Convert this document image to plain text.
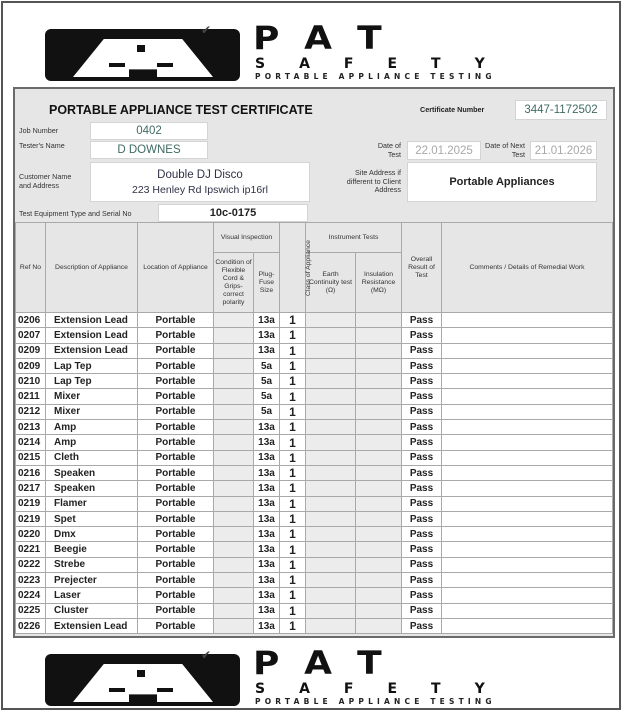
✔ PAT
SAFETY
PORTABLE APPLIANCE TESTING
PORTABLE APPLIANCE TEST CERTIFICATE	Certificate Number	3447-1172502
Job Number	0402
Tester's Name	D DOWNES
Customer Name and Address
Double DJ Disco
223 Henley Rd Ipswich ip16rl
Test Equipment Type and Serial No	10c-0175
Date of Test	22.01.2025	Date of Next Test 21.01.2026
Site Address if different to Client Address
Portable Appliances
Ref No	Description of Appliance	Location of Appliance	Visual Inspection		Class of Appliance	Instrument Tests		Overall Result of Test	Comments / Details of Remedial Work
			Condition of Flexible Cord & Grips-correct polarity	Plug-Fuse Size		Earth Continuity test (Ω)	Insulation Resistance (MΩ)		
0206	Extension Lead	Portable		13a	1			Pass	
0207	Extension Lead	Portable		13a	1			Pass	
0209	Extension Lead	Portable		13a	1			Pass	
0209	Lap Tep	Portable		5a	1			Pass	
0210	Lap Tep	Portable		5a	1			Pass	
0211	Mixer	Portable		5a	1			Pass	
0212	Mixer	Portable		5a	1			Pass	
0213	Amp	Portable		13a	1			Pass	
0214	Amp	Portable		13a	1			Pass	
0215	Cleth	Portable		13a	1			Pass	
0216	Speaken	Portable		13a	1			Pass	
0217	Speaken	Portable		13a	1			Pass	
0219	Flamer	Portable		13a	1			Pass	
0219	Spet	Portable		13a	1			Pass	
0220	Dmx	Portable		13a	1			Pass	
0221	Beegie	Portable		13a	1			Pass	
0222	Strebe	Portable		13a	1			Pass	
0223	Prejecter	Portable		13a	1			Pass	
0224	Laser	Portable		13a	1			Pass	
0225	Cluster	Portable		13a	1			Pass	
0226	Extensien Lead	Portable		13a	1			Pass	
✔ PAT
SAFETY
PORTABLE APPLIANCE TESTING
